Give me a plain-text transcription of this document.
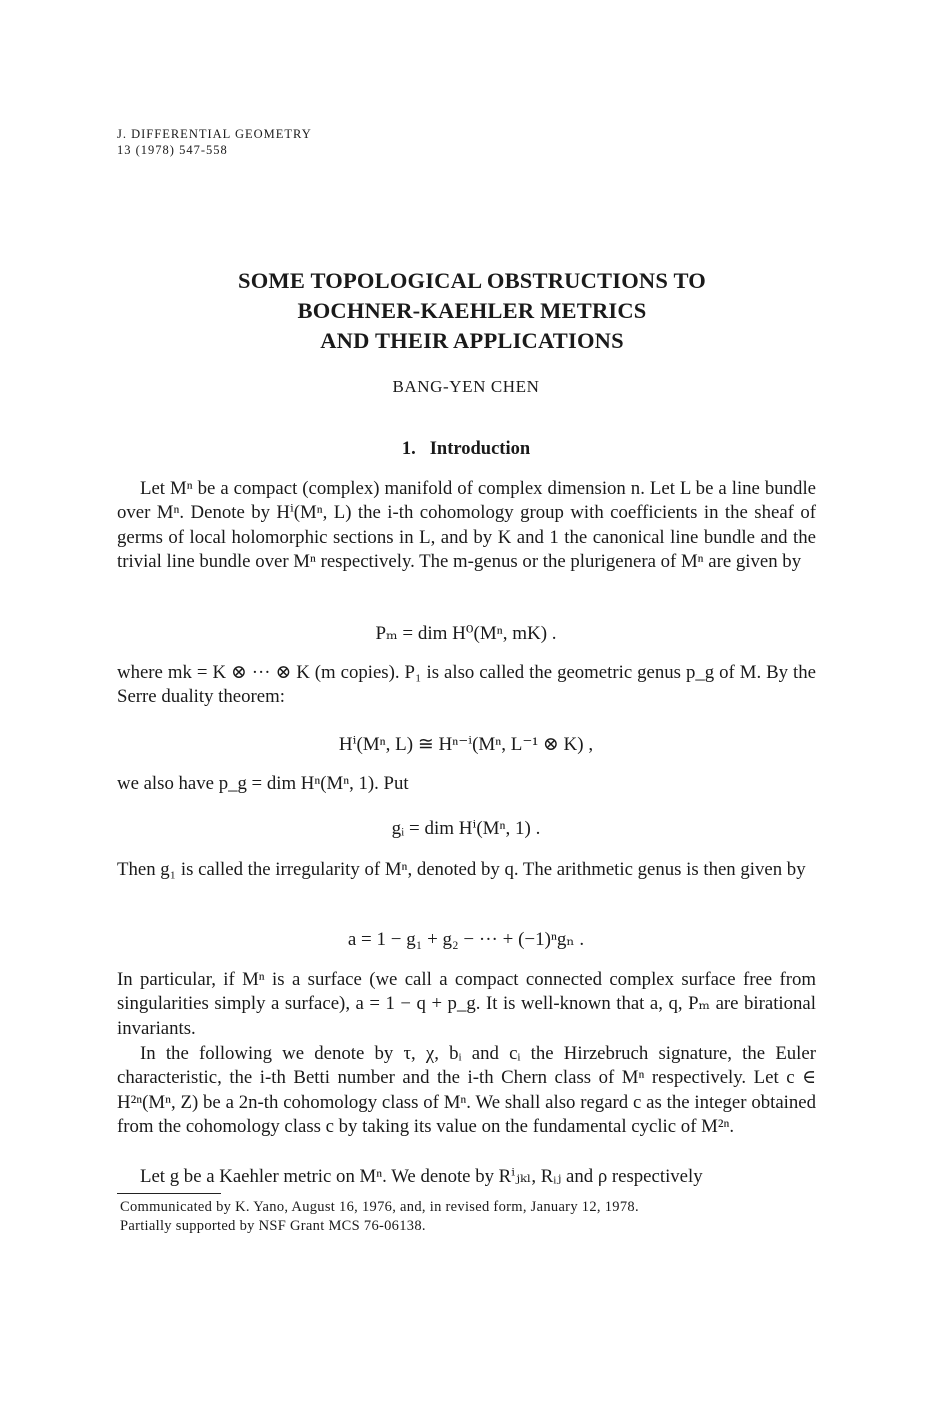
J. DIFFERENTIAL GEOMETRY
13 (1978) 547-558
SOME TOPOLOGICAL OBSTRUCTIONS TO
BOCHNER-KAEHLER METRICS
AND THEIR APPLICATIONS
BANG-YEN CHEN
1. Introduction

Let Mⁿ be a compact (complex) manifold of complex dimension n. Let L be a line bundle over Mⁿ. Denote by Hⁱ(Mⁿ, L) the i-th cohomology group with coefficients in the sheaf of germs of local holomorphic sections in L, and by K and 1 the canonical line bundle and the trivial line bundle over Mⁿ respectively. The m-genus or the plurigenera of Mⁿ are given by

Pₘ = dim H⁰(Mⁿ, mK) .

where mk = K ⊗ ··· ⊗ K (m copies). P₁ is also called the geometric genus p_g of M. By the Serre duality theorem:

Hⁱ(Mⁿ, L) ≅ Hⁿ⁻ⁱ(Mⁿ, L⁻¹ ⊗ K) ,

we also have p_g = dim Hⁿ(Mⁿ, 1). Put

gᵢ = dim Hⁱ(Mⁿ, 1) .

Then g₁ is called the irregularity of Mⁿ, denoted by q. The arithmetic genus is then given by

a = 1 − g₁ + g₂ − ··· + (−1)ⁿgₙ .

In particular, if Mⁿ is a surface (we call a compact connected complex surface free from singularities simply a surface), a = 1 − q + p_g. It is well-known that a, q, Pₘ are birational invariants.

In the following we denote by τ, χ, bᵢ and cᵢ the Hirzebruch signature, the Euler characteristic, the i-th Betti number and the i-th Chern class of Mⁿ respectively. Let c ∈ H²ⁿ(Mⁿ, Z) be a 2n-th cohomology class of Mⁿ. We shall also regard c as the integer obtained from the cohomology class c by taking its value on the fundamental cyclic of M²ⁿ.

Let g be a Kaehler metric on Mⁿ. We denote by Rⁱⱼₖₗ, Rᵢⱼ and ρ respectively

Communicated by K. Yano, August 16, 1976, and, in revised form, January 12, 1978.
Partially supported by NSF Grant MCS 76-06138.
